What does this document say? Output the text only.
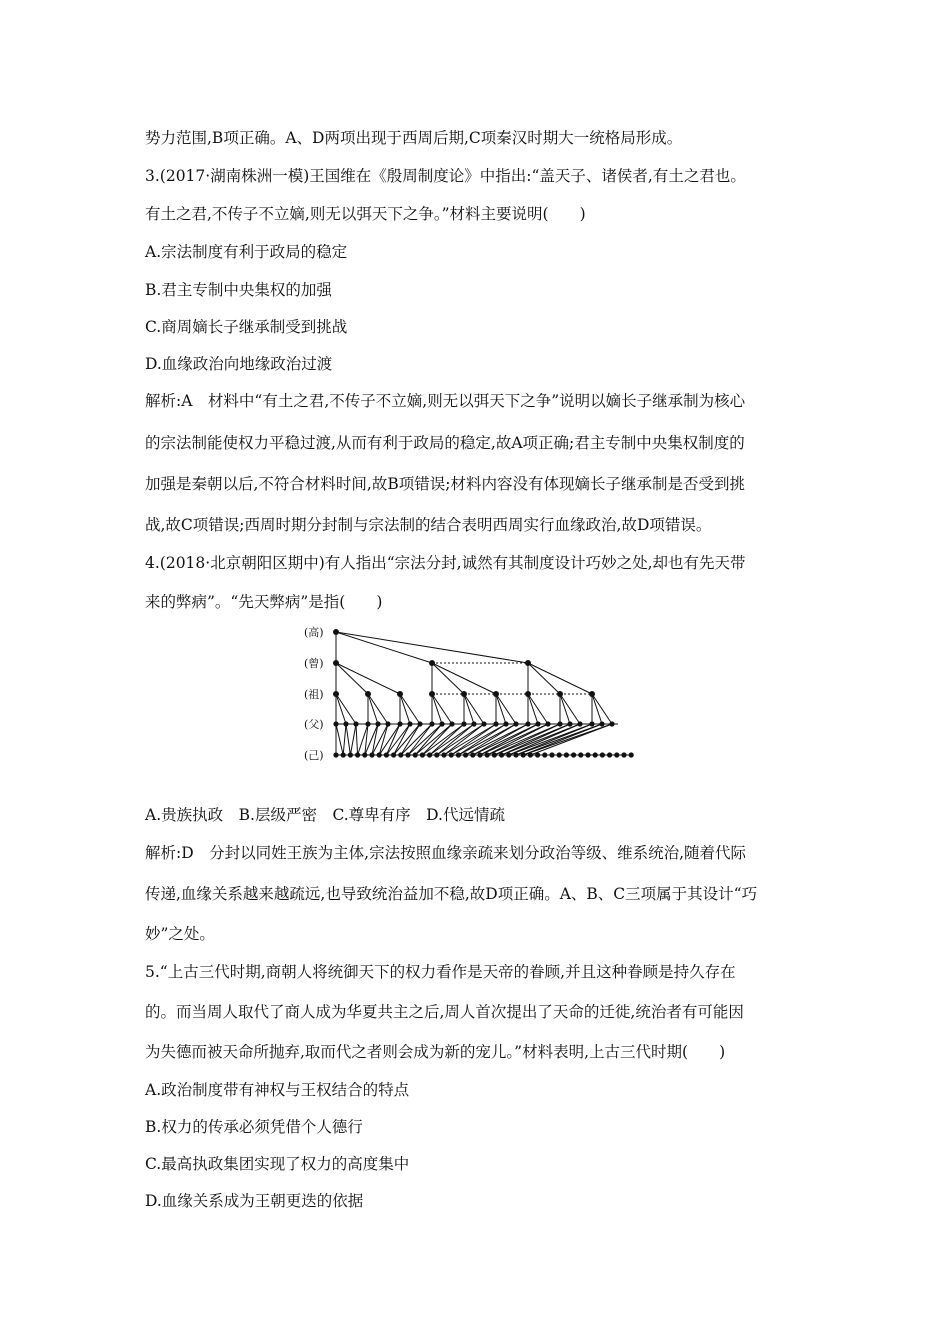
势力范围,B项正确。A、D两项出现于西周后期,C项秦汉时期大一统格局形成。
3.(2017·湖南株洲一模)王国维在《殷周制度论》中指出:“盖天子、诸侯者,有土之君也。
有土之君,不传子不立嫡,则无以弭天下之争。”材料主要说明(　　)
A.宗法制度有利于政局的稳定
B.君主专制中央集权的加强
C.商周嫡长子继承制受到挑战
D.血缘政治向地缘政治过渡
解析:A　材料中“有土之君,不传子不立嫡,则无以弭天下之争”说明以嫡长子继承制为核心
的宗法制能使权力平稳过渡,从而有利于政局的稳定,故A项正确;君主专制中央集权制度的
加强是秦朝以后,不符合材料时间,故B项错误;材料内容没有体现嫡长子继承制是否受到挑
战,故C项错误;西周时期分封制与宗法制的结合表明西周实行血缘政治,故D项错误。
4.(2018·北京朝阳区期中)有人指出“宗法分封,诚然有其制度设计巧妙之处,却也有先天带
来的弊病”。“先天弊病”是指(　　)
(高)
(曾)
(祖)
(父)
(己)
A.贵族执政　B.层级严密　C.尊卑有序　D.代远情疏
解析:D　分封以同姓王族为主体,宗法按照血缘亲疏来划分政治等级、维系统治,随着代际
传递,血缘关系越来越疏远,也导致统治益加不稳,故D项正确。A、B、C三项属于其设计“巧
妙”之处。
5.“上古三代时期,商朝人将统御天下的权力看作是天帝的眷顾,并且这种眷顾是持久存在
的。而当周人取代了商人成为华夏共主之后,周人首次提出了天命的迁徙,统治者有可能因
为失德而被天命所抛弃,取而代之者则会成为新的宠儿。”材料表明,上古三代时期(　　)
A.政治制度带有神权与王权结合的特点
B.权力的传承必须凭借个人德行
C.最高执政集团实现了权力的高度集中
D.血缘关系成为王朝更迭的依据
